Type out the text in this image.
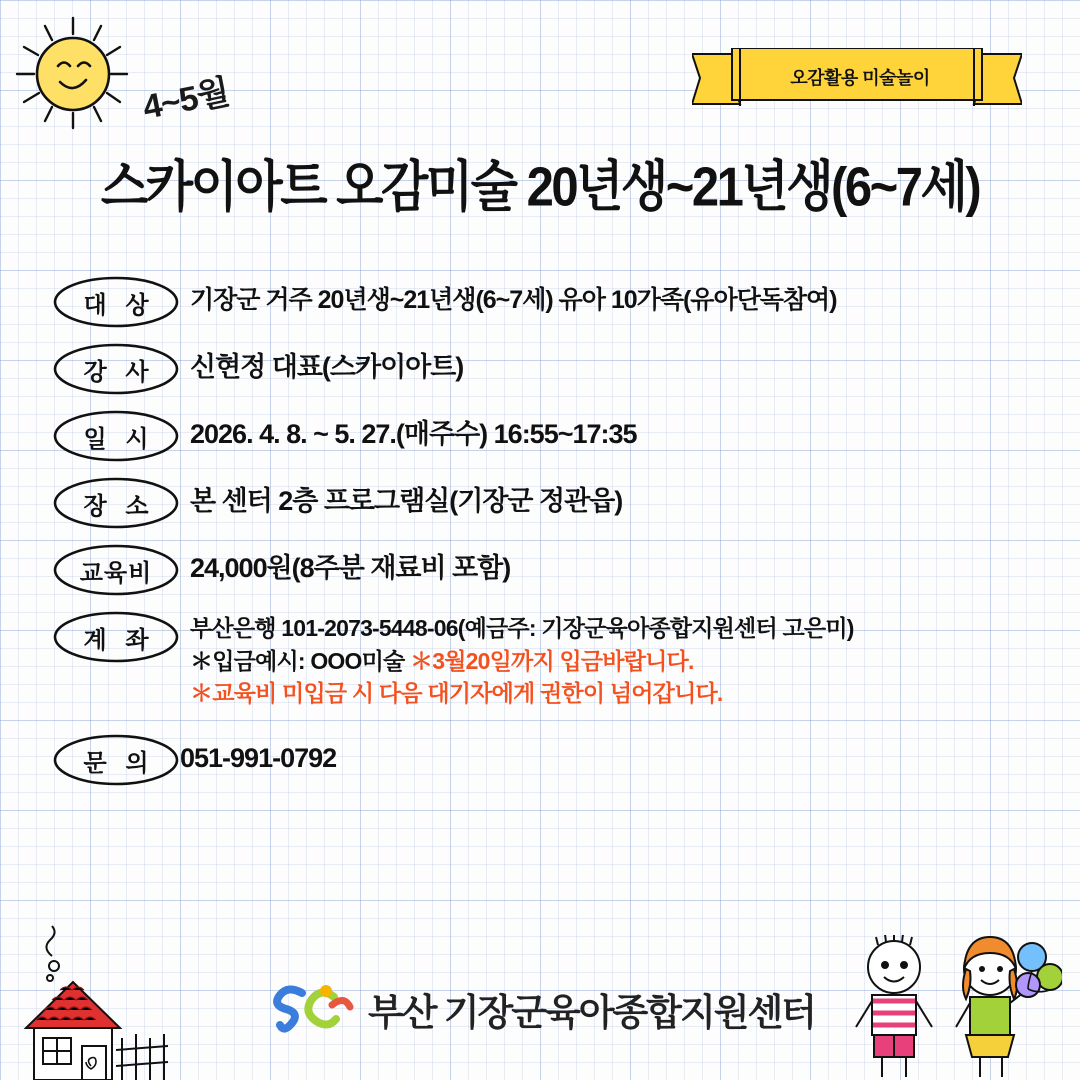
4~5월	오감활용 미술놀이
스카이아트 오감미술 20년생~21년생(6~7세)
대 상	기장군 거주 20년생~21년생(6~7세) 유아 10가족(유아단독참여)
강 사	신현정 대표(스카이아트)
일 시	2026. 4. 8. ~ 5. 27.(매주수) 16:55~17:35
장 소	본 센터 2층 프로그램실(기장군 정관읍)
교육비	24,000원(8주분 재료비 포함)
계 좌	부산은행 101-2073-5448-06(예금주: 기장군육아종합지원센터 고은미)
＊입금예시: OOO미술 ＊3월20일까지 입금바랍니다.
＊교육비 미입금 시 다음 대기자에게 권한이 넘어갑니다.
문 의 051-991-0792
부산 기장군육아종합지원센터
